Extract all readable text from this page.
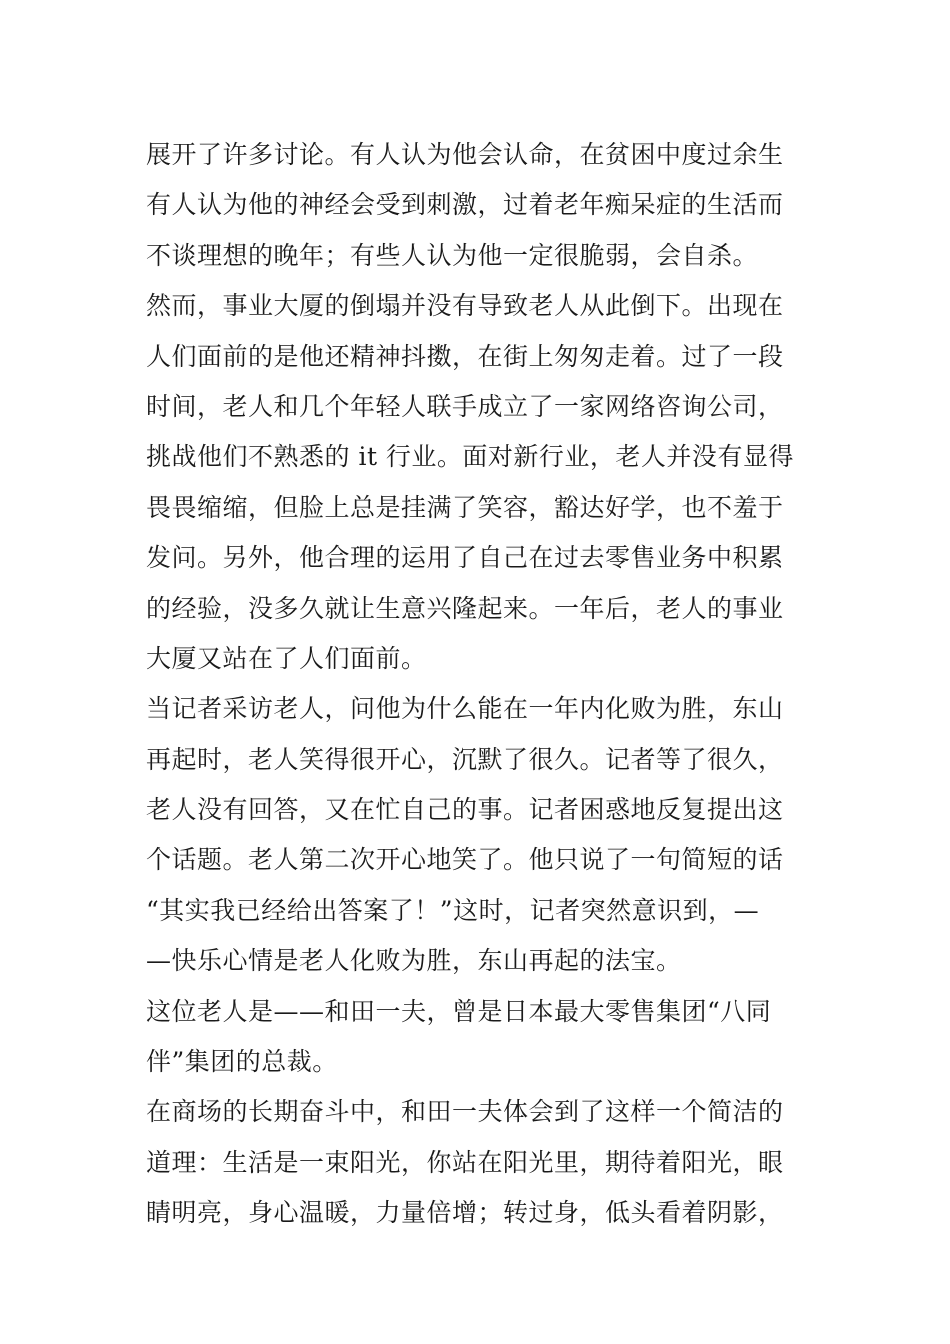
展开了许多讨论。有人认为他会认命，在贫困中度过余生
有人认为他的神经会受到刺激，过着老年痴呆症的生活而
不谈理想的晚年；有些人认为他一定很脆弱，会自杀。
然而，事业大厦的倒塌并没有导致老人从此倒下。出现在
人们面前的是他还精神抖擞，在街上匆匆走着。过了一段
时间，老人和几个年轻人联手成立了一家网络咨询公司，
挑战他们不熟悉的 it 行业。面对新行业，老人并没有显得
畏畏缩缩，但脸上总是挂满了笑容，豁达好学，也不羞于
发问。另外，他合理的运用了自己在过去零售业务中积累
的经验，没多久就让生意兴隆起来。一年后，老人的事业
大厦又站在了人们面前。
当记者采访老人，问他为什么能在一年内化败为胜，东山
再起时，老人笑得很开心，沉默了很久。记者等了很久，
老人没有回答，又在忙自己的事。记者困惑地反复提出这
个话题。老人第二次开心地笑了。他只说了一句简短的话
“其实我已经给出答案了！”这时，记者突然意识到，—
—快乐心情是老人化败为胜，东山再起的法宝。
这位老人是——和田一夫，曾是日本最大零售集团“八同
伴”集团的总裁。
在商场的长期奋斗中，和田一夫体会到了这样一个简洁的
道理：生活是一束阳光，你站在阳光里，期待着阳光，眼
睛明亮，身心温暖，力量倍增；转过身，低头看着阴影，
